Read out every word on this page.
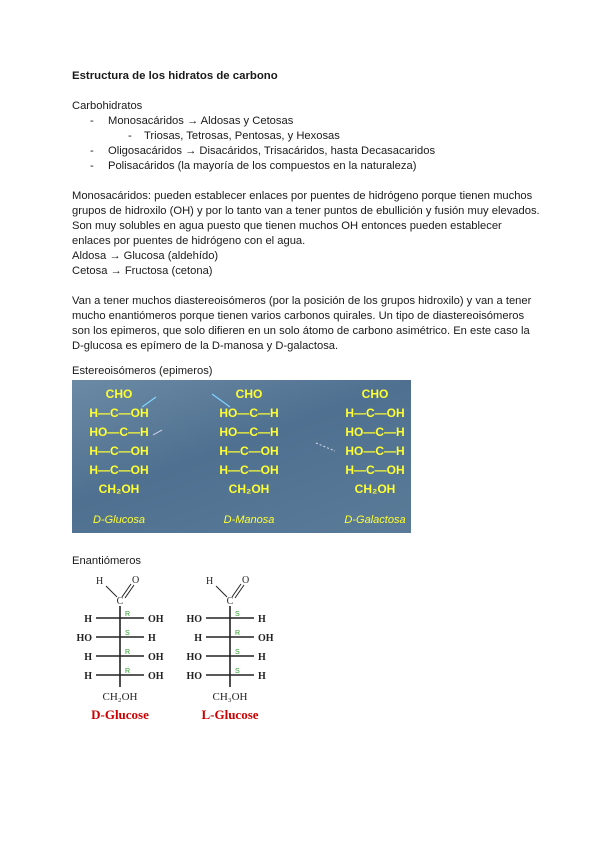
Estructura de los hidratos de carbono

Carbohidratos

- Monosacáridos → Aldosas y Cetosas
- Triosas, Tetrosas, Pentosas, y Hexosas
- Oligosacáridos → Disacáridos, Trisacáridos, hasta Decasacaridos
- Polisacáridos (la mayoría de los compuestos en la naturaleza)

Monosacáridos: pueden establecer enlaces por puentes de hidrógeno porque tienen muchos grupos de hidroxilo (OH) y por lo tanto van a tener puntos de ebullición y fusión muy elevados. Son muy solubles en agua puesto que tienen muchos OH entonces pueden establecer enlaces por puentes de hidrógeno con el agua.

Aldosa → Glucosa (aldehído)

Cetosa → Fructosa (cetona)

Van a tener muchos diastereoisómeros (por la posición de los grupos hidroxilo) y van a tener mucho enantiómeros porque tienen varios carbonos quirales. Un tipo de diastereoisómeros son los epimeros, que solo difieren en un solo átomo de carbono asimétrico. En este caso la D-glucosa es epímero de la D-manosa y D-galactosa.

Estereoisómeros (epimeros)
CHO
H—C—OH
HO—C—H
H—C—OH
H—C—OH
CH₂OH
D-Glucosa
CHO
HO—C—H
HO—C—H
H—C—OH
H—C—OH
CH₂OH
D-Manosa
CHO
H—C—OH
HO—C—H
HO—C—H
H—C—OH
CH₂OH
D-Galactosa
Enantiómeros
H	O
C
H	R OH
HO	S H
H	R OH
H	R OH
CH₂OH
D-Glucose
H	O
C
HO	S H
H	R OH
HO	S H
HO	S H
CH₃OH
L-Glucose
